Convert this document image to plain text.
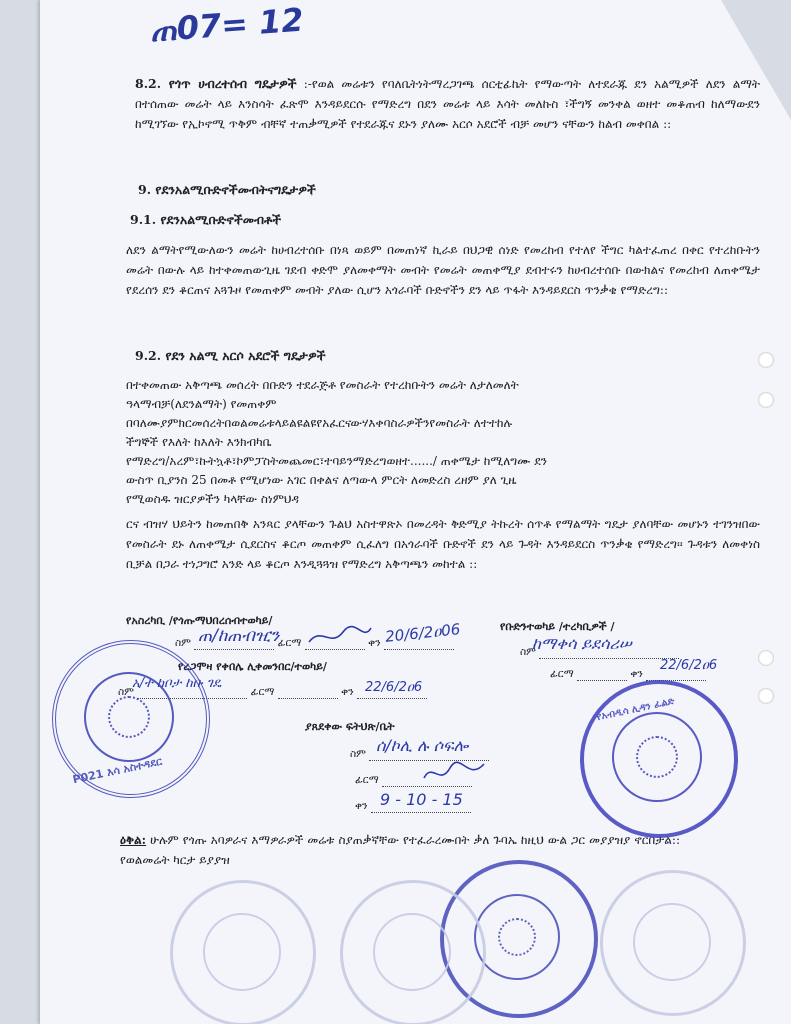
ጠ07= 12
8.2. የጎጥ ሀብረተሰብ ግዴታዎች :-የወል መሬቱን የባለቤትነትማረጋገጫ ሰርቲፊኬት የማውጣት ለተደራጁ ደን አልሚዎች ለደን ልማት በተሰጠው መሬት ላይ እንስሳት ፈጽሞ እንዳይደርሱ የማድረግ በደን መሬቱ ላይ እሳት መለኩስ ፣ችግኝ መንቀል ወዘተ መቆጠብ ከለማውደን ከሚገኘው የኢኮኖሚ ጥቅም ብቸኛ ተጠቃሚዎች የተደራጁና ደኑን ያለሙ አርሶ አደሮች ብቻ መሆን ናቸውን ከልብ መቀበል ::
9. የደንአልሚቡድኖችመብትናግዴታዎች
9.1. የደንአልሚቡድኖችመብቶች
ለደን ልማትየሚውለውን መሬት ከሀብረተሰቡ በነጻ ወይም በመጠነኛ ኪራይ በህጋዊ ሰነድ የመረከብ የተለየ ችግር ካልተፈጠረ በቀር የተረከቡትን መሬት በውሉ ላይ ከተቀመጠውጊዜ ገደብ ቀድሞ ያለመቀማት መብት የመሬት መጠቀሚያ ደብተሩን ከሀብረተሰቡ በውክልና የመረከብ ለጠቀሜታ የደረሰን ደን ቆርጠና አጓጉዞ የመጠቀም መብት ያለው ሲሆን አጎራባች ቡድኖችን ደን ላይ ጥፋት እንዳይደርስ ጥንቃቄ የማድረግ::
9.2. የደን አልሚ አርሶ አደሮች ግዴታዎች
በተቀመጠው አቅጣጫ መሰረት በቡድን ተደራጅቶ የመስራት የተረከቡትን መሬት ለታለመለት
ዓላማብቻ(ለደንልማት) የመጠቀም
በባለሙያምክርመሰረትበወልመሬቱላይልዩልዩየአፈርናውሃእቀባስራዎችንየመስራት ለተተከሉ
ችግኞች የእለት ከእለት እንክብካቤ
የማድረግ/አረም፣ኩትኳቶ፣ኮምፓስትመጨመር፣ተባይንማድረግወዘተ....../ ጠቀሜታ ከሚለግሙ ደን
ውስጥ ቢያንስ 25 በመቶ የሚሆነው አገር በቀልና ለጣውላ ምርት ለመድረስ ረዘም ያለ ጊዜ
የሚወስዱ ዝርያዎችን ካላቸው ስነምህዳ
ርና ብዝሃ ህይትን ከመጠበቅ አንጻር ያላቸውን ጉልህ አስተዋጽኦ በመረዳት ቅድሚያ ትኩረት ሰጥቶ የማልማት ግዴታ ያለባቸው መሆኑን ተገንዝበው የመስራት ደኑ ለጠቀሜታ ሲደርስና ቆርጦ መጠቀም ሲፈለግ በአጎራባች ቡድኖች ደን ላይ ጉዳት እንዳይደርስ ጥንቃቄ የማድረግ፡፡ ጉዳቱን ለመቀነስ ቢቻል በጋራ ተነጋግሮ አንድ ላይ ቆርጦ እንዲጓጓዝ የማድረግ አቅጣጫን መከተል ::
የአስረካቢ /የጎጡማህበረሰብተወካይ/
ስም	ፊርማ	ቀን
ጠ/ከጠብዢን	20/6/2ዐ06
የረጋሞዛ የቀበሌ ሊቀመንበር/ተወካይ/
ስም	ፊርማ	ቀን
አ/ተ ከቦታ ከቡ ገዴ	22/6/2ዐ6
የቡድንተወካይ /ተረካቢዎች /
ስም
ፊርማ	ቀን
ከማቀሳ ይደሳሪሠ
22/6/2ዐ6
ያጸደቀው ፍትህጽ/ቤት
ስም ሰ/ኮሊ ሉ ሶፍሎ
ፊርማ
ቀን 9 - 10 - 15
ዕቅል: ሁሉም የጎጡ አባዎራና እማዎራዎች መሬቱ ስያጠቃኛቸው የተፈራረሙበት ቃለ ጉባኤ ከዚህ ውል ጋር መያያዝያ ኖርበታል:: የወልመሬት ካርታ ይያያዝ
P021 እሳ አስተዳደር
የአብዲሳ ሊዳን ፈልድ
